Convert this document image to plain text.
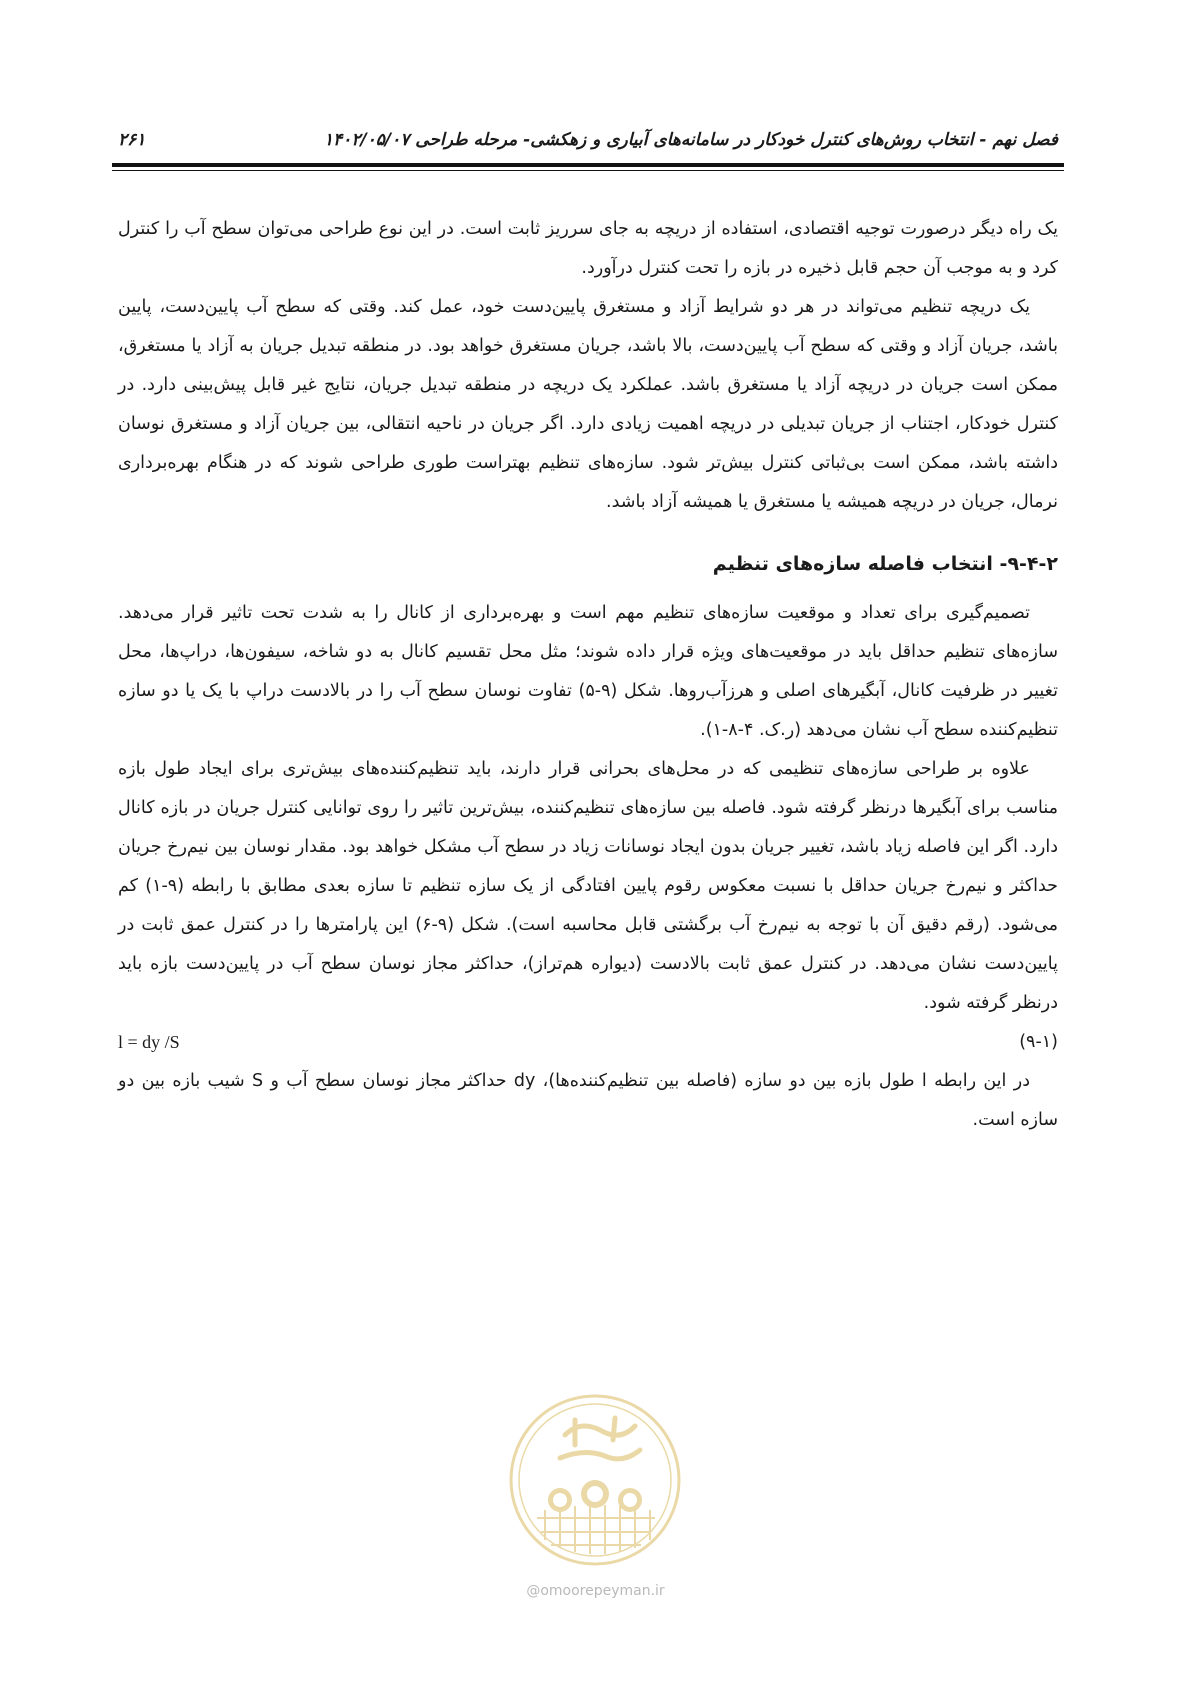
فصل نهم - انتخاب روش‌های کنترل خودکار در سامانه‌های آبیاری و زهکشی- مرحله طراحی ۱۴۰۲/۰۵/۰۷
۲۶۱

یک راه دیگر درصورت توجیه اقتصادی، استفاده از دریچه به جای سرریز ثابت است. در این نوع طراحی می‌توان سطح آب را کنترل کرد و به موجب آن حجم قابل ذخیره در بازه را تحت کنترل درآورد.

یک دریچه تنظیم می‌تواند در هر دو شرایط آزاد و مستغرق پایین‌دست خود، عمل کند. وقتی که سطح آب پایین‌دست، پایین باشد، جریان آزاد و وقتی که سطح آب پایین‌دست، بالا باشد، جریان مستغرق خواهد بود. در منطقه تبدیل جریان به آزاد یا مستغرق، ممکن است جریان در دریچه آزاد یا مستغرق باشد. عملکرد یک دریچه در منطقه تبدیل جریان، نتایج غیر قابل پیش‌بینی دارد. در کنترل خودکار، اجتناب از جریان تبدیلی در دریچه اهمیت زیادی دارد. اگر جریان در ناحیه انتقالی، بین جریان آزاد و مستغرق نوسان داشته باشد، ممکن است بی‌ثباتی کنترل بیش‌تر شود. سازه‌های تنظیم بهتراست طوری طراحی شوند که در هنگام بهره‌برداری نرمال، جریان در دریچه همیشه یا مستغرق یا همیشه آزاد باشد.

۹-۴-۲- انتخاب فاصله سازه‌های تنظیم

تصمیم‌گیری برای تعداد و موقعیت سازه‌های تنظیم مهم است و بهره‌برداری از کانال را به شدت تحت تاثیر قرار می‌دهد. سازه‌های تنظیم حداقل باید در موقعیت‌های ویژه قرار داده شوند؛ مثل محل تقسیم کانال به دو شاخه، سیفون‌ها، دراپ‌ها، محل تغییر در ظرفیت کانال، آبگیرهای اصلی و هرزآب‌روها. شکل (۹-۵) تفاوت نوسان سطح آب را در بالادست دراپ با یک یا دو سازه تنظیم‌کننده سطح آب نشان می‌دهد (ر.ک. ۴-۸-۱).

علاوه بر طراحی سازه‌های تنظیمی که در محل‌های بحرانی قرار دارند، باید تنظیم‌کننده‌های بیش‌تری برای ایجاد طول بازه مناسب برای آبگیرها درنظر گرفته شود. فاصله بین سازه‌های تنظیم‌کننده، بیش‌ترین تاثیر را روی توانایی کنترل جریان در بازه کانال دارد. اگر این فاصله زیاد باشد، تغییر جریان بدون ایجاد نوسانات زیاد در سطح آب مشکل خواهد بود. مقدار نوسان بین نیم‌رخ جریان حداکثر و نیم‌رخ جریان حداقل با نسبت معکوس رقوم پایین افتادگی از یک سازه تنظیم تا سازه بعدی مطابق با رابطه (۹-۱) کم می‌شود. (رقم دقیق آن با توجه به نیم‌رخ آب برگشتی قابل محاسبه است). شکل (۹-۶) این پارامترها را در کنترل عمق ثابت در پایین‌دست نشان می‌دهد. در کنترل عمق ثابت بالادست (دیواره هم‌تراز)، حداکثر مجاز نوسان سطح آب در پایین‌دست بازه باید درنظر گرفته شود.

(۹-۱)
l = dy /S

در این رابطه l طول بازه بین دو سازه (فاصله بین تنظیم‌کننده‌ها)، dy حداکثر مجاز نوسان سطح آب و S شیب بازه بین دو سازه است.

@omoorepeyman.ir
